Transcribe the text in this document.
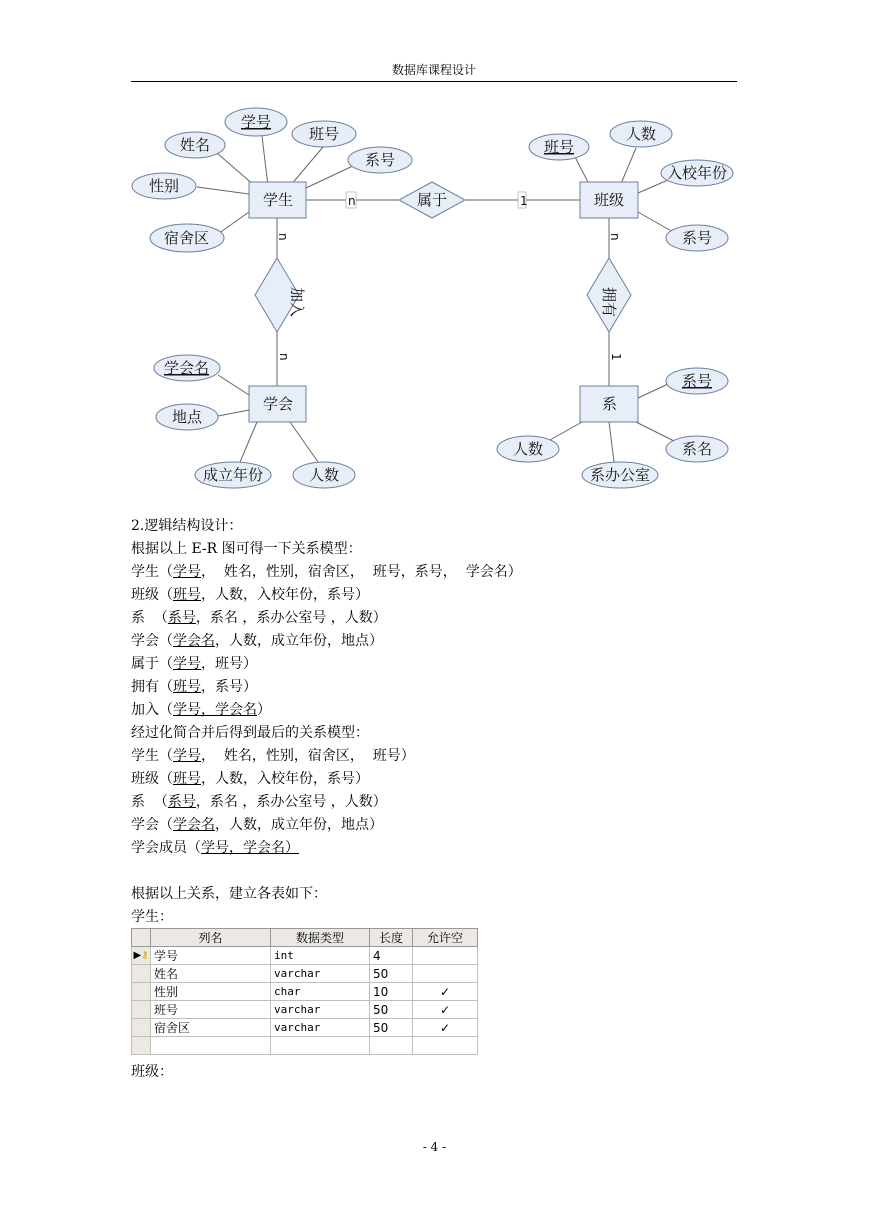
数据库课程设计
n	1
n
n
n
1
学生	班级
学会	系
属于
加入	拥有
姓名
学号
班号
系号
性别
宿舍区
班号
人数
入校年份
系号
学会名
地点
成立年份	人数
系号
系名
系办公室
人数
2.逻辑结构设计：
根据以上 E-R 图可得一下关系模型：
学生（学号，  姓名，性别，宿舍区，  班号，系号，  学会名）
班级（班号，人数，入校年份，系号）
系  （系号，系名 ，系办公室号 ，人数）
学会（学会名，人数，成立年份，地点）
属于（学号，班号）
拥有（班号，系号）
加入（学号，学会名）
经过化简合并后得到最后的关系模型：
学生（学号，  姓名，性别，宿舍区，  班号）
班级（班号，人数，入校年份，系号）
系  （系号，系名 ，系办公室号 ，人数）
学会（学会名，人数，成立年份，地点）
学会成员（学号，学会名）
根据以上关系，建立各表如下：
学生：
	列名	数据类型	长度	允许空
▶⚷	学号	int	4	
	姓名	varchar	50	
	性别	char	10	✓
	班号	varchar	50	✓
	宿舍区	varchar	50	✓

班级：
- 4 -
